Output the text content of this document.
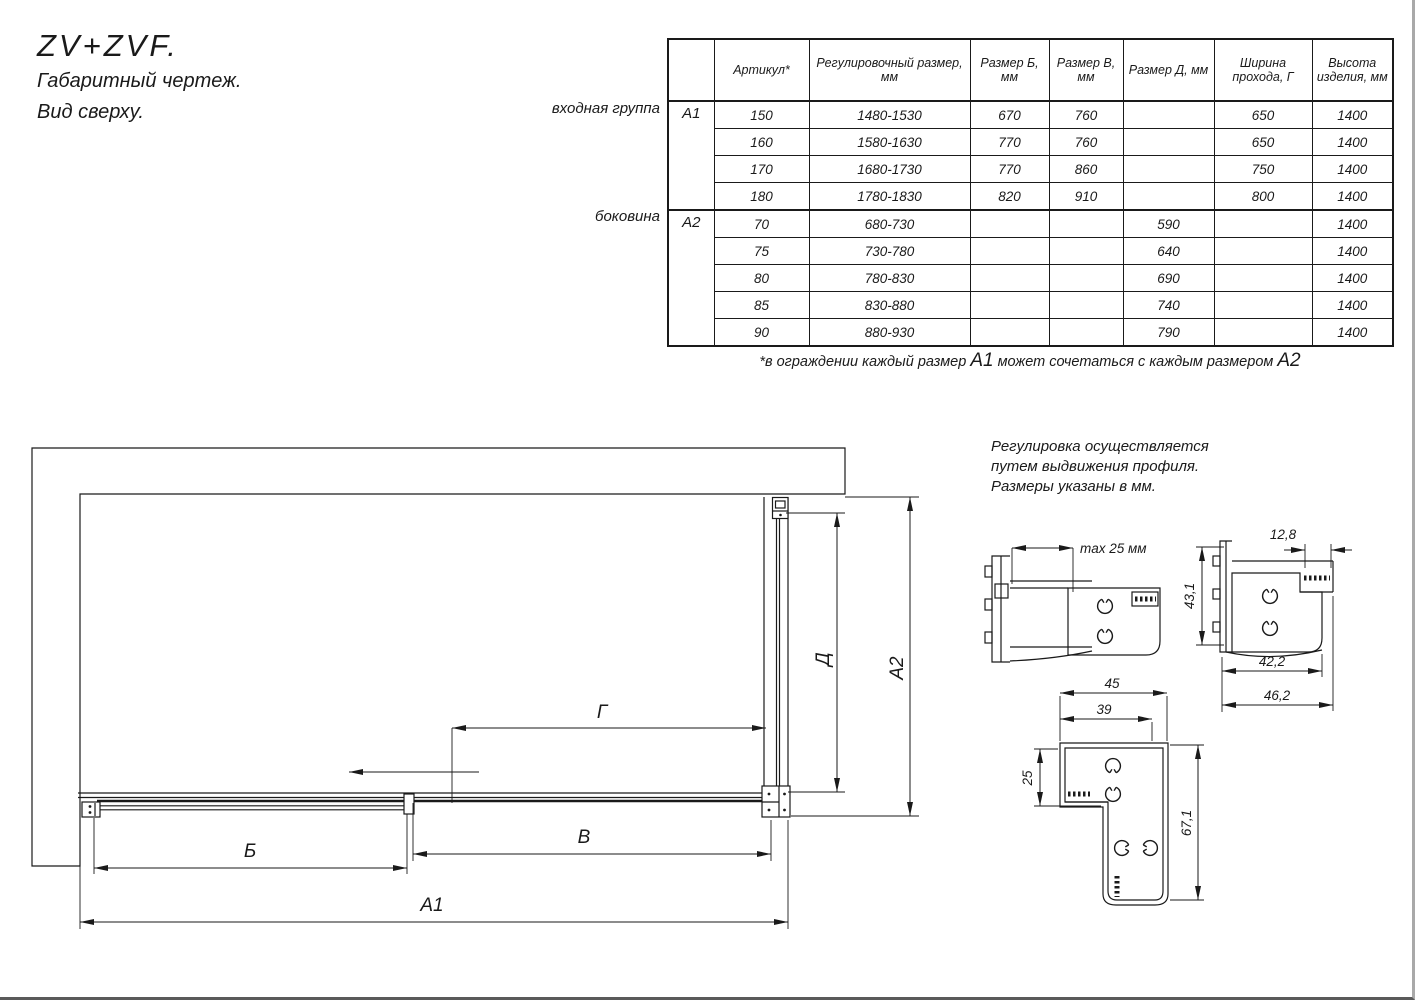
ZV+ZVF.
Габаритный чертеж.
Вид сверху.	входная группа
боковина
	Артикул*	Регулировочный размер, мм	Размер Б, мм	Размер В, мм	Размер Д, мм	Ширина прохода, Г	Высота изделия, мм
А1	150	1480-1530	670	760		650	1400
	160	1580-1630	770	760		650	1400
	170	1680-1730	770	860		750	1400
	180	1780-1830	820	910		800	1400
А2	70	680-730			590		1400
	75	730-780			640		1400
	80	780-830			690		1400
	85	830-880			740		1400
	90	880-930			790		1400
*в ограждении каждый размер А1 может сочетаться с каждым размером А2
Регулировка осуществляется
путем выдвижения профиля.
Размеры указаны в мм.
Г
Д	А2
Б
В
А1
max 25 мм
12,8
43,1
42,2
46,2
45
39
25
67,1
